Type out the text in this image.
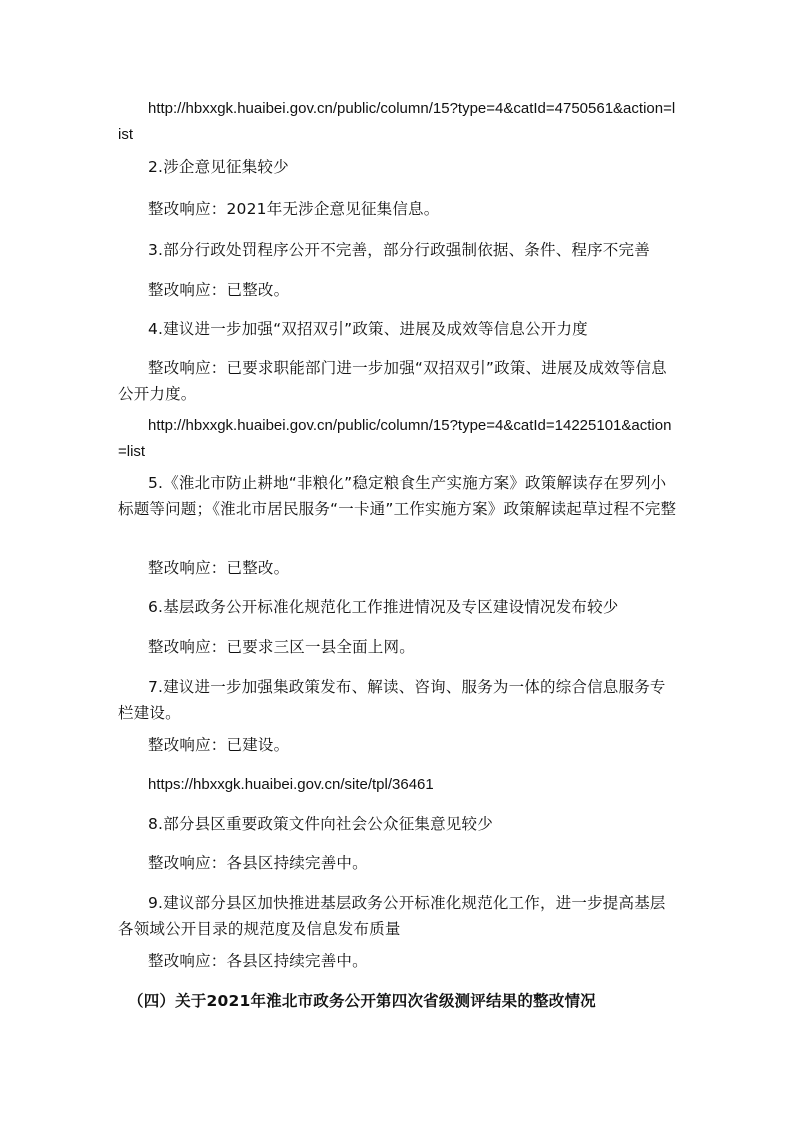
http://hbxxgk.huaibei.gov.cn/public/column/15?type=4&catId=4750561&action=list

2.涉企意见征集较少

整改响应：2021年无涉企意见征集信息。

3.部分行政处罚程序公开不完善，部分行政强制依据、条件、程序不完善

整改响应：已整改。

4.建议进一步加强“双招双引”政策、进展及成效等信息公开力度

整改响应：已要求职能部门进一步加强“双招双引”政策、进展及成效等信息公开力度。

http://hbxxgk.huaibei.gov.cn/public/column/15?type=4&catId=14225101&action=list

5.《淮北市防止耕地“非粮化”稳定粮食生产实施方案》政策解读存在罗列小标题等问题；《淮北市居民服务“一卡通”工作实施方案》政策解读起草过程不完整

整改响应：已整改。

6.基层政务公开标准化规范化工作推进情况及专区建设情况发布较少

整改响应：已要求三区一县全面上网。

7.建议进一步加强集政策发布、解读、咨询、服务为一体的综合信息服务专栏建设。

整改响应：已建设。

https://hbxxgk.huaibei.gov.cn/site/tpl/36461

8.部分县区重要政策文件向社会公众征集意见较少

整改响应：各县区持续完善中。

9.建议部分县区加快推进基层政务公开标准化规范化工作，进一步提高基层各领域公开目录的规范度及信息发布质量

整改响应：各县区持续完善中。

（四）关于2021年淮北市政务公开第四次省级测评结果的整改情况
